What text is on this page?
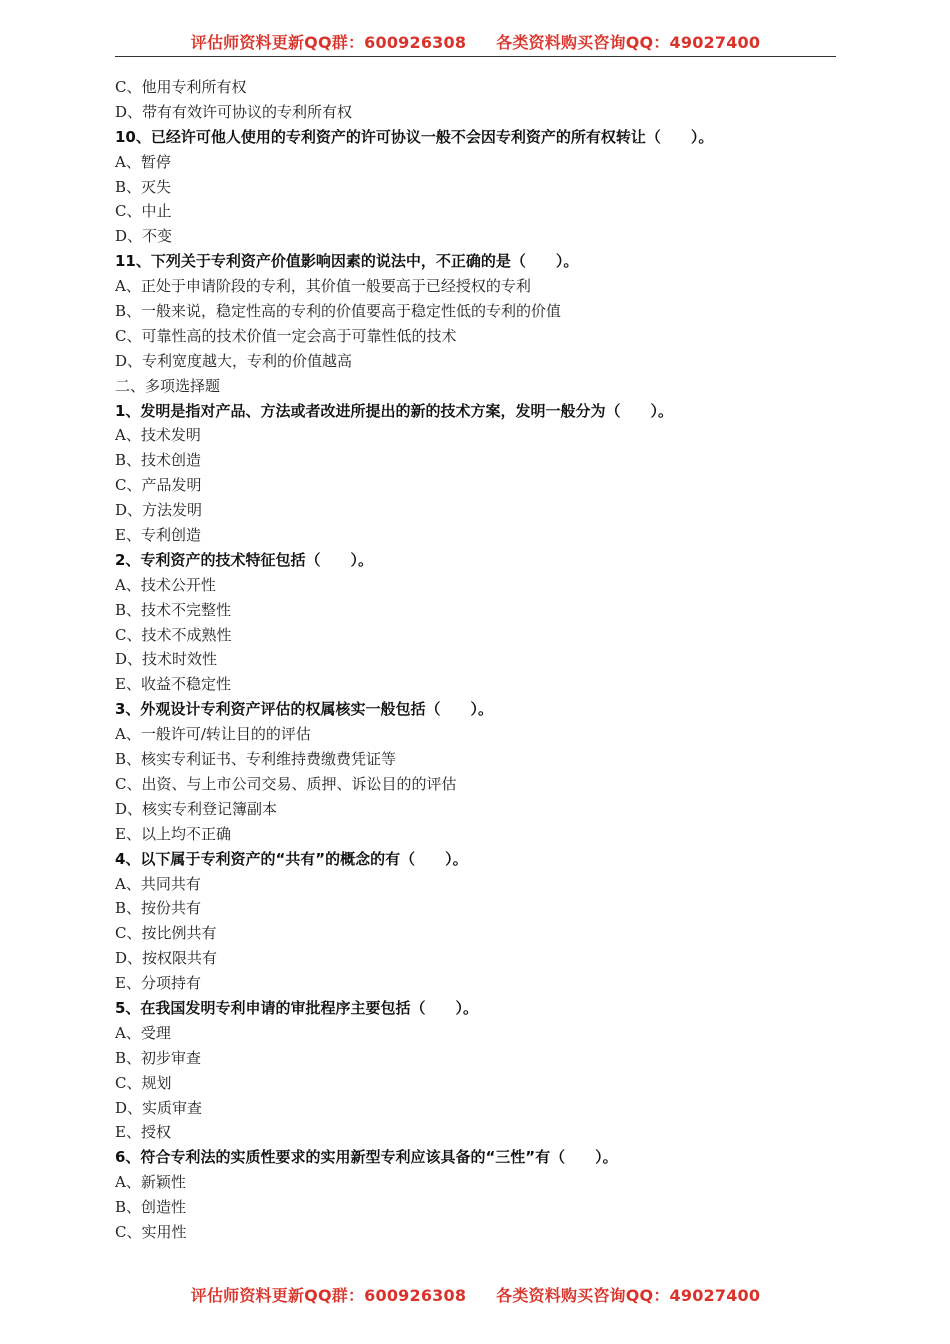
评估师资料更新QQ群：600926308 各类资料购买咨询QQ：49027400
C、他用专利所有权
D、带有有效许可协议的专利所有权
10、已经许可他人使用的专利资产的许可协议一般不会因专利资产的所有权转让（　　）。
A、暂停
B、灭失
C、中止
D、不变
11、下列关于专利资产价值影响因素的说法中，不正确的是（　　）。
A、正处于申请阶段的专利，其价值一般要高于已经授权的专利
B、一般来说，稳定性高的专利的价值要高于稳定性低的专利的价值
C、可靠性高的技术价值一定会高于可靠性低的技术
D、专利宽度越大，专利的价值越高
二、多项选择题
1、发明是指对产品、方法或者改进所提出的新的技术方案，发明一般分为（　　）。
A、技术发明
B、技术创造
C、产品发明
D、方法发明
E、专利创造
2、专利资产的技术特征包括（　　）。
A、技术公开性
B、技术不完整性
C、技术不成熟性
D、技术时效性
E、收益不稳定性
3、外观设计专利资产评估的权属核实一般包括（　　）。
A、一般许可/转让目的的评估
B、核实专利证书、专利维持费缴费凭证等
C、出资、与上市公司交易、质押、诉讼目的的评估
D、核实专利登记簿副本
E、以上均不正确
4、以下属于专利资产的“共有”的概念的有（　　）。
A、共同共有
B、按份共有
C、按比例共有
D、按权限共有
E、分项持有
5、在我国发明专利申请的审批程序主要包括（　　）。
A、受理
B、初步审查
C、规划
D、实质审查
E、授权
6、符合专利法的实质性要求的实用新型专利应该具备的“三性”有（　　）。
A、新颖性
B、创造性
C、实用性
评估师资料更新QQ群：600926308 各类资料购买咨询QQ：49027400
